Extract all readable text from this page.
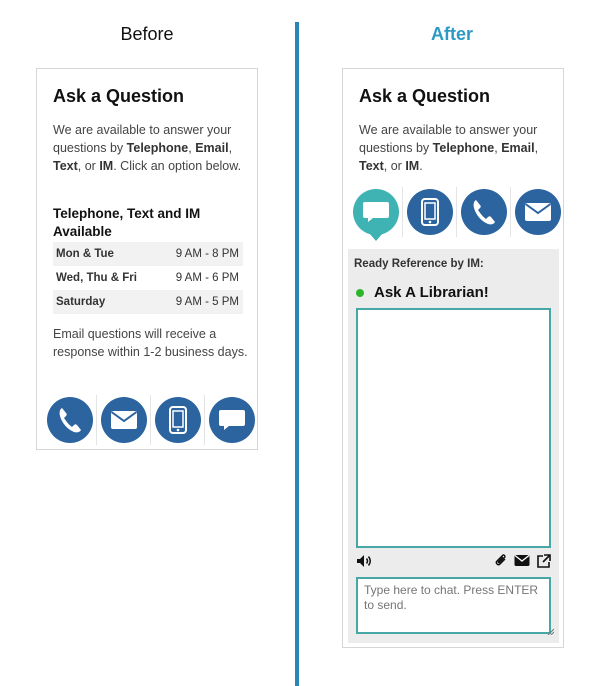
Before	After
Ask a Question
We are available to answer your questions by Telephone, Email, Text, or IM. Click an option below.
Telephone, Text and IM Available
Mon & Tue	9 AM - 8 PM
Wed, Thu & Fri	9 AM - 6 PM
Saturday	9 AM - 5 PM
Email questions will receive a response within 1-2 business days.
Ask a Question
We are available to answer your questions by Telephone, Email, Text, or IM.
Ready Reference by IM:
Ask A Librarian!
Type here to chat. Press ENTER to send.
